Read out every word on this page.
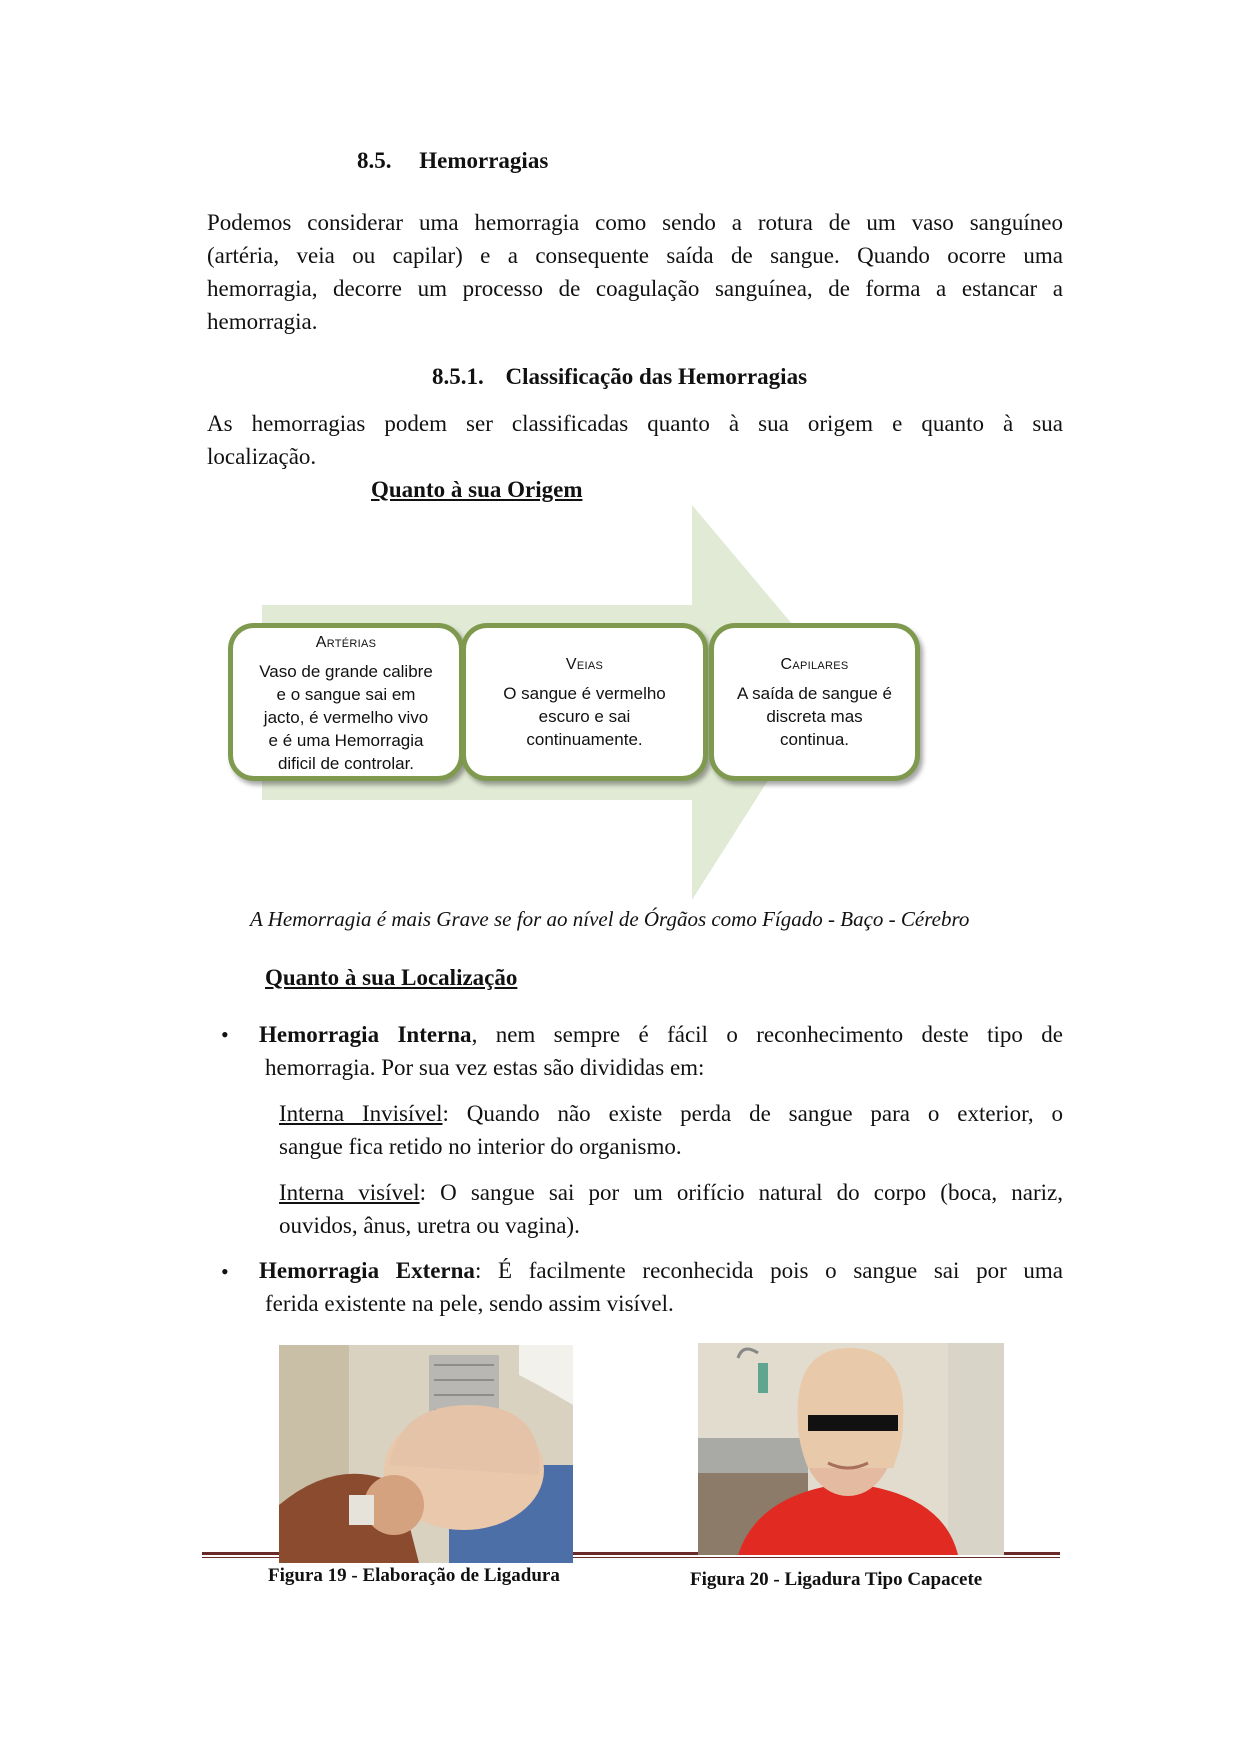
8.5. Hemorragias
Podemos considerar uma hemorragia como sendo a rotura de um vaso sanguíneo
(artéria, veia ou capilar) e a consequente saída de sangue. Quando ocorre uma
hemorragia, decorre um processo de coagulação sanguínea, de forma a estancar a
hemorragia.
8.5.1. Classificação das Hemorragias
As hemorragias podem ser classificadas quanto à sua origem e quanto à sua
localização.
Quanto à sua Origem
Artérias
Vaso de grande calibre
e o sangue sai em
jacto, é vermelho vivo
e é uma Hemorragia
dificil de controlar.
Veias
O sangue é vermelho
escuro e sai
continuamente.
Capilares
A saída de sangue é
discreta mas
continua.
A Hemorragia é mais Grave se for ao nível de Órgãos como Fígado - Baço - Cérebro
Quanto à sua Localização
• Hemorragia Interna, nem sempre é fácil o reconhecimento deste tipo de
hemorragia. Por sua vez estas são divididas em:
Interna Invisível: Quando não existe perda de sangue para o exterior, o
sangue fica retido no interior do organismo.
Interna visível: O sangue sai por um orifício natural do corpo (boca, nariz,
ouvidos, ânus, uretra ou vagina).
• Hemorragia Externa: É facilmente reconhecida pois o sangue sai por uma
ferida existente na pele, sendo assim visível.
Figura 19 - Elaboração de Ligadura	Figura 20 - Ligadura Tipo Capacete
